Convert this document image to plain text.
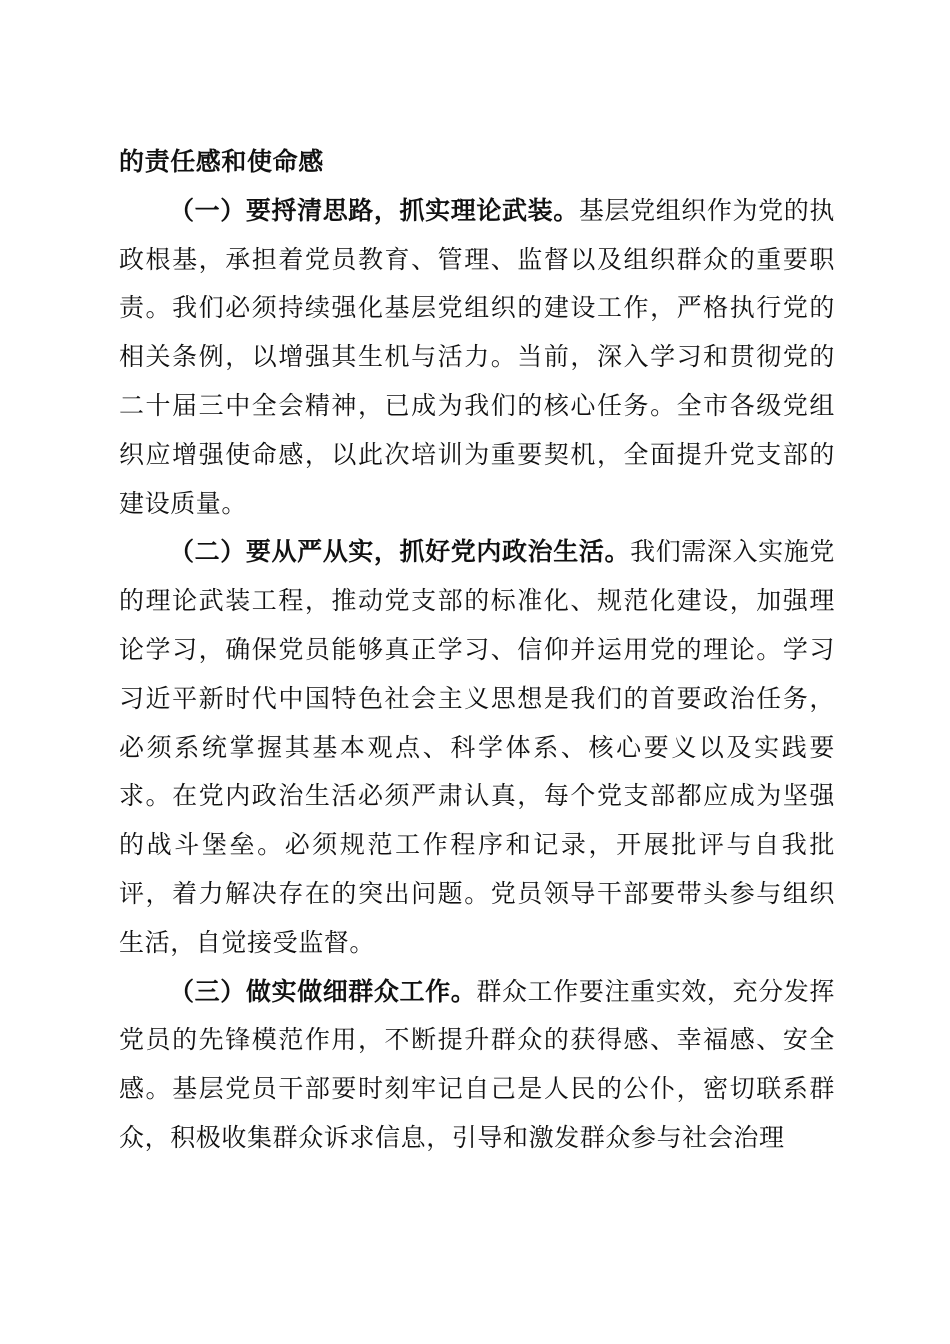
的责任感和使命感

（一）要捋清思路，抓实理论武装。基层党组织作为党的执政根基，承担着党员教育、管理、监督以及组织群众的重要职责。我们必须持续强化基层党组织的建设工作，严格执行党的相关条例，以增强其生机与活力。当前，深入学习和贯彻党的二十届三中全会精神，已成为我们的核心任务。全市各级党组织应增强使命感，以此次培训为重要契机，全面提升党支部的建设质量。

（二）要从严从实，抓好党内政治生活。我们需深入实施党的理论武装工程，推动党支部的标准化、规范化建设，加强理论学习，确保党员能够真正学习、信仰并运用党的理论。学习习近平新时代中国特色社会主义思想是我们的首要政治任务，必须系统掌握其基本观点、科学体系、核心要义以及实践要求。在党内政治生活必须严肃认真，每个党支部都应成为坚强的战斗堡垒。必须规范工作程序和记录，开展批评与自我批评，着力解决存在的突出问题。党员领导干部要带头参与组织生活，自觉接受监督。

（三）做实做细群众工作。群众工作要注重实效，充分发挥党员的先锋模范作用，不断提升群众的获得感、幸福感、安全感。基层党员干部要时刻牢记自己是人民的公仆，密切联系群众，积极收集群众诉求信息，引导和激发群众参与社会治理
